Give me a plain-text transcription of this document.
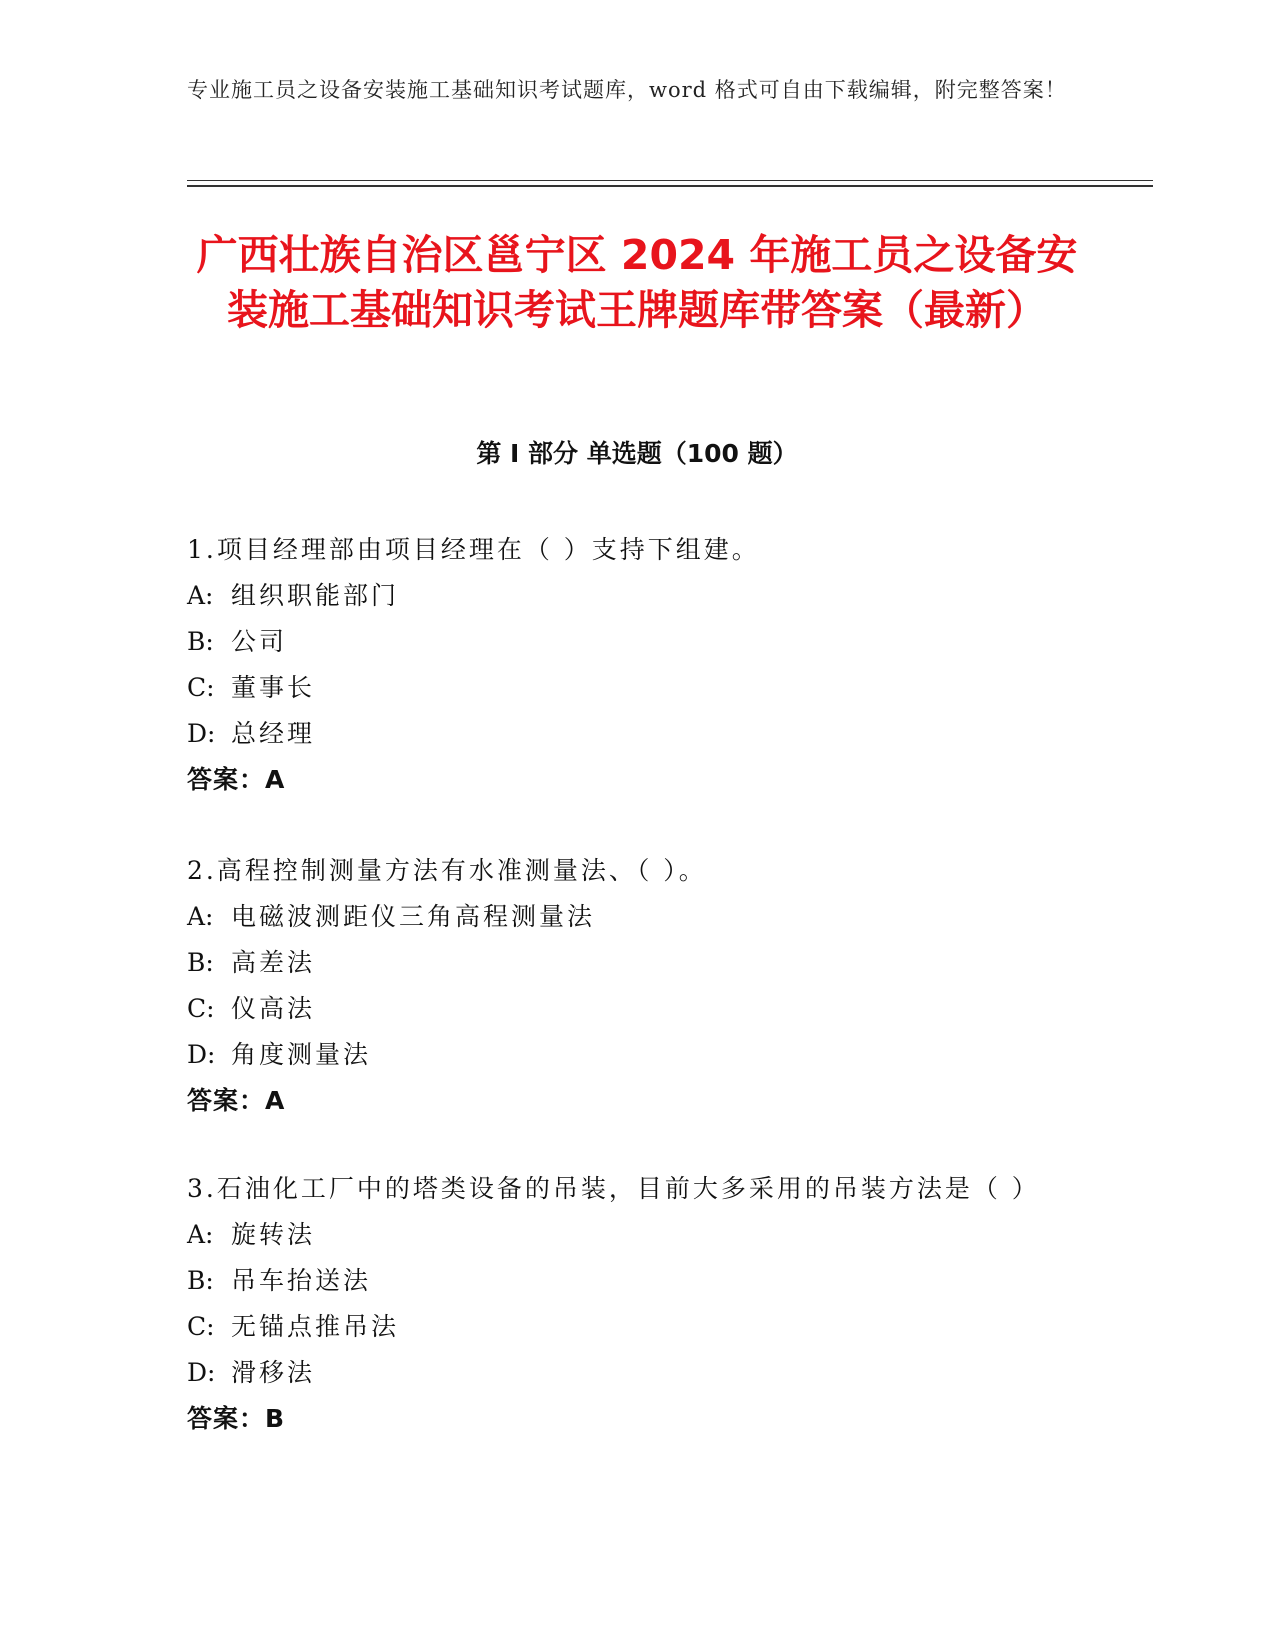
专业施工员之设备安装施工基础知识考试题库，word 格式可自由下载编辑，附完整答案！
广西壮族自治区邕宁区 2024 年施工员之设备安装施工基础知识考试王牌题库带答案（最新）
第 I 部分 单选题（100 题）
1.项目经理部由项目经理在（ ）支持下组建。
A: 组织职能部门
B: 公司
C: 董事长
D: 总经理
答案：A
2.高程控制测量方法有水准测量法、（ ）。
A: 电磁波测距仪三角高程测量法
B: 高差法
C: 仪高法
D: 角度测量法
答案：A
3.石油化工厂中的塔类设备的吊装，目前大多采用的吊装方法是（ ）
A: 旋转法
B: 吊车抬送法
C: 无锚点推吊法
D: 滑移法
答案：B
